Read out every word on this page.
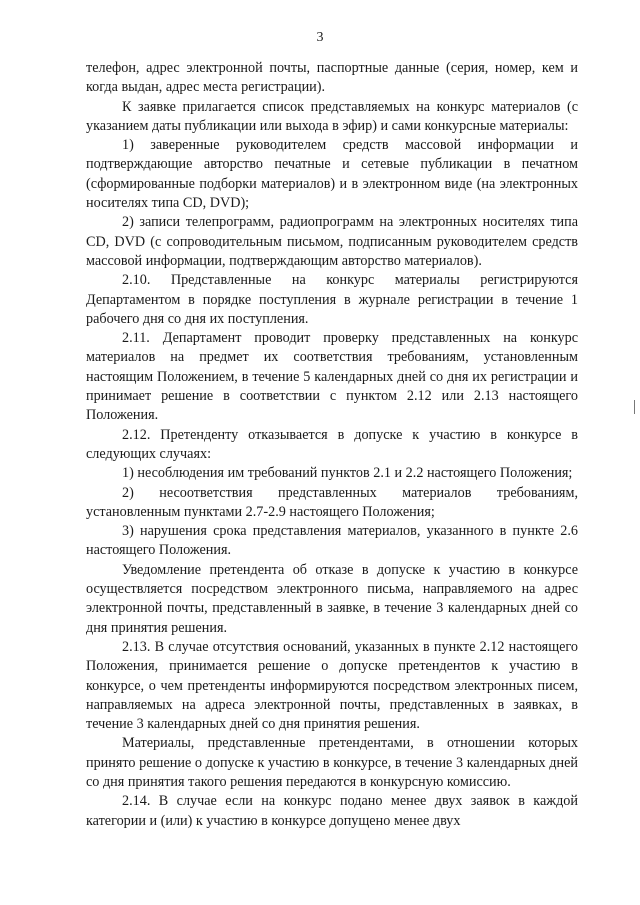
3

телефон, адрес электронной почты, паспортные данные (серия, номер, кем и когда выдан, адрес места регистрации).

К заявке прилагается список представляемых на конкурс материалов (с указанием даты публикации или выхода в эфир) и сами конкурсные материалы:

1) заверенные руководителем средств массовой информации и подтверждающие авторство печатные и сетевые публикации в печатном (сформированные подборки материалов) и в электронном виде (на электронных носителях типа CD, DVD);

2) записи телепрограмм, радиопрограмм на электронных носителях типа CD, DVD (с сопроводительным письмом, подписанным руководителем средств массовой информации, подтверждающим авторство материалов).

2.10. Представленные на конкурс материалы регистрируются Департаментом в порядке поступления в журнале регистрации в течение 1 рабочего дня со дня их поступления.

2.11. Департамент проводит проверку представленных на конкурс материалов на предмет их соответствия требованиям, установленным настоящим Положением, в течение 5 календарных дней со дня их регистрации и принимает решение в соответствии с пунктом 2.12 или 2.13 настоящего Положения.

2.12. Претенденту отказывается в допуске к участию в конкурсе в следующих случаях:

1) несоблюдения им требований пунктов 2.1 и 2.2 настоящего Положения;

2) несоответствия представленных материалов требованиям, установленным пунктами 2.7-2.9 настоящего Положения;

3) нарушения срока представления материалов, указанного в пункте 2.6 настоящего Положения.

Уведомление претендента об отказе в допуске к участию в конкурсе осуществляется посредством электронного письма, направляемого на адрес электронной почты, представленный в заявке, в течение 3 календарных дней со дня принятия решения.

2.13. В случае отсутствия оснований, указанных в пункте 2.12 настоящего Положения, принимается решение о допуске претендентов к участию в конкурсе, о чем претенденты информируются посредством электронных писем, направляемых на адреса электронной почты, представленных в заявках, в течение 3 календарных дней со дня принятия решения.

Материалы, представленные претендентами, в отношении которых принято решение о допуске к участию в конкурсе, в течение 3 календарных дней со дня принятия такого решения передаются в конкурсную комиссию.

2.14. В случае если на конкурс подано менее двух заявок в каждой категории и (или) к участию в конкурсе допущено менее двух
